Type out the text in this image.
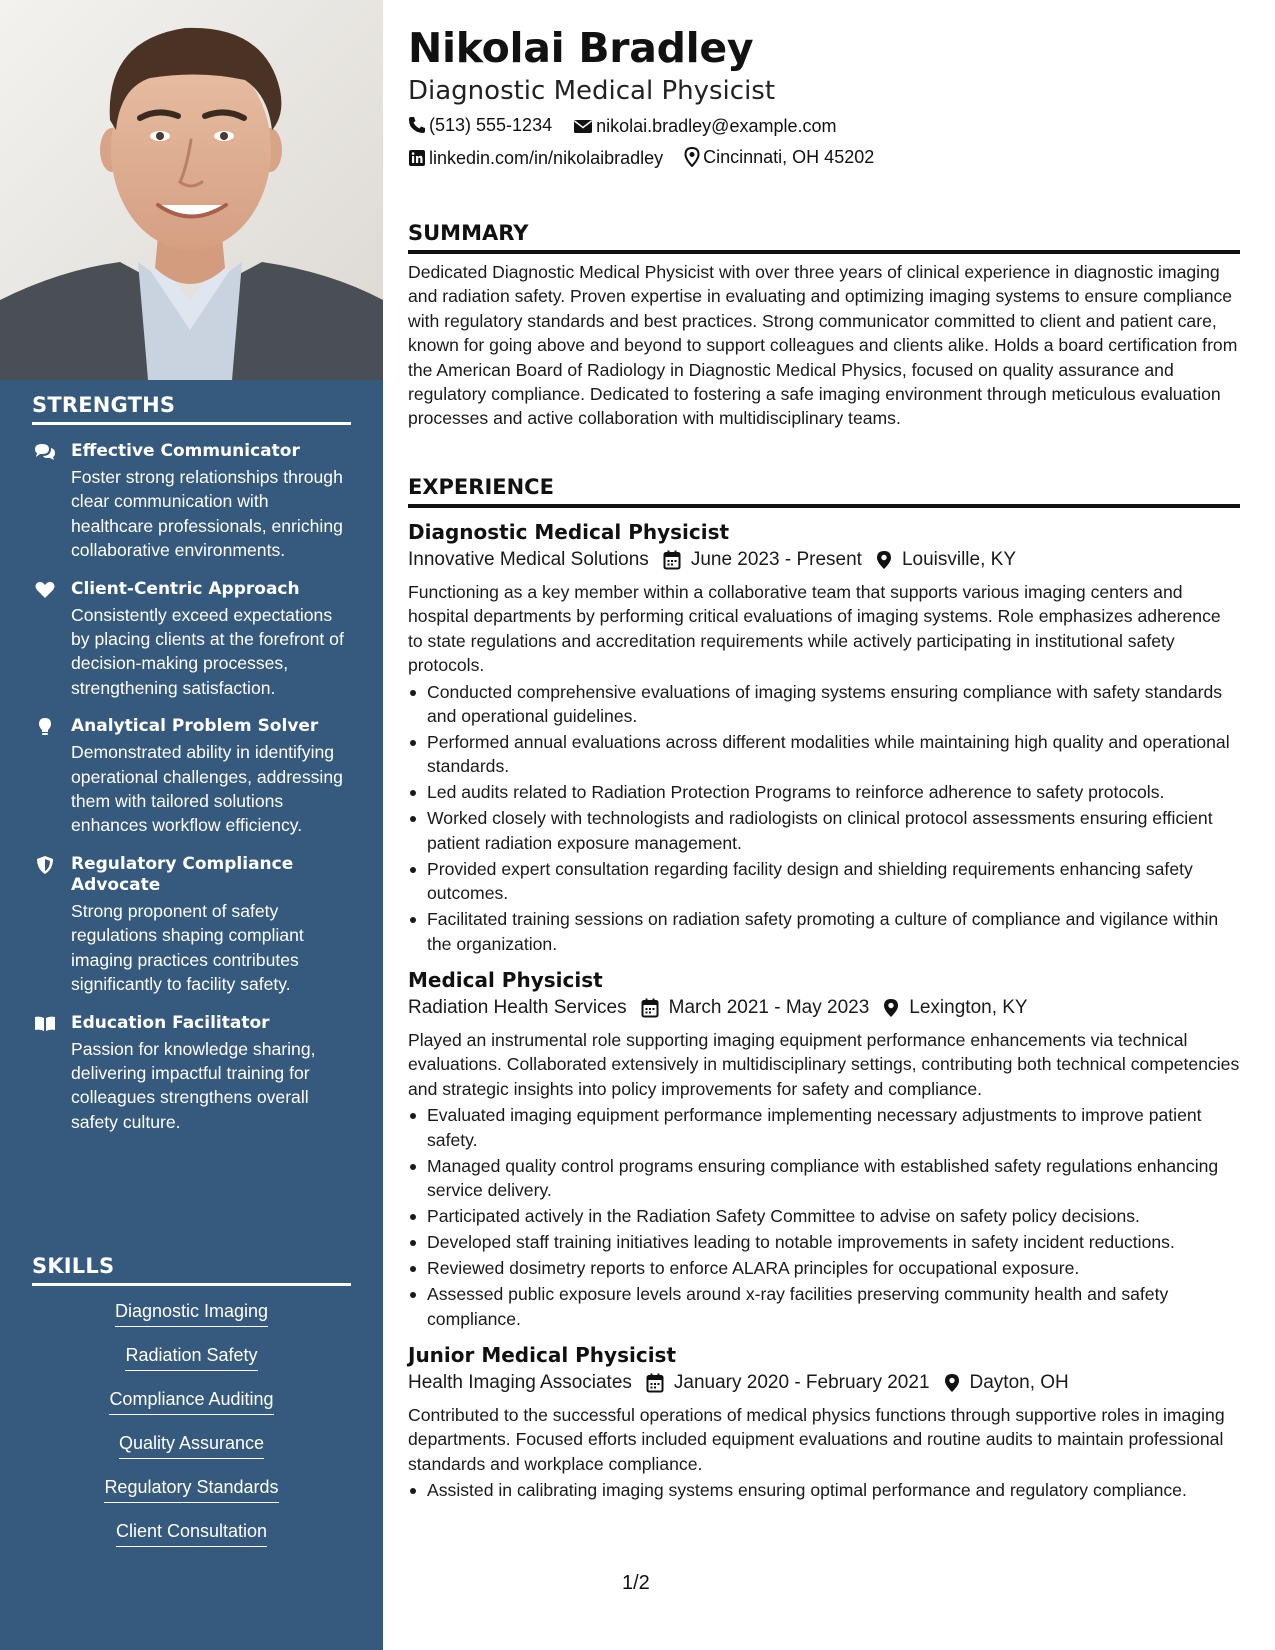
STRENGTHS
Effective Communicator
Foster strong relationships through clear communication with healthcare professionals, enriching collaborative environments.
Client-Centric Approach
Consistently exceed expectations by placing clients at the forefront of decision-making processes, strengthening satisfaction.
Analytical Problem Solver
Demonstrated ability in identifying operational challenges, addressing them with tailored solutions enhances workflow efficiency.
Regulatory Compliance Advocate
Strong proponent of safety regulations shaping compliant imaging practices contributes significantly to facility safety.
Education Facilitator
Passion for knowledge sharing, delivering impactful training for colleagues strengthens overall safety culture.
SKILLS
Diagnostic Imaging
Radiation Safety
Compliance Auditing
Quality Assurance
Regulatory Standards
Client Consultation
Nikolai Bradley
Diagnostic Medical Physicist
(513) 555-1234
nikolai.bradley@example.com
linkedin.com/in/nikolaibradley
Cincinnati, OH 45202
SUMMARY
Dedicated Diagnostic Medical Physicist with over three years of clinical experience in diagnostic imaging and radiation safety. Proven expertise in evaluating and optimizing imaging systems to ensure compliance with regulatory standards and best practices. Strong communicator committed to client and patient care, known for going above and beyond to support colleagues and clients alike. Holds a board certification from the American Board of Radiology in Diagnostic Medical Physics, focused on quality assurance and regulatory compliance. Dedicated to fostering a safe imaging environment through meticulous evaluation processes and active collaboration with multidisciplinary teams.
EXPERIENCE
Diagnostic Medical Physicist
Innovative Medical Solutions June 2023 - Present Louisville, KY
Functioning as a key member within a collaborative team that supports various imaging centers and hospital departments by performing critical evaluations of imaging systems. Role emphasizes adherence to state regulations and accreditation requirements while actively participating in institutional safety protocols.
Conducted comprehensive evaluations of imaging systems ensuring compliance with safety standards and operational guidelines.
Performed annual evaluations across different modalities while maintaining high quality and operational standards.
Led audits related to Radiation Protection Programs to reinforce adherence to safety protocols.
Worked closely with technologists and radiologists on clinical protocol assessments ensuring efficient patient radiation exposure management.
Provided expert consultation regarding facility design and shielding requirements enhancing safety outcomes.
Facilitated training sessions on radiation safety promoting a culture of compliance and vigilance within the organization.
Medical Physicist
Radiation Health Services March 2021 - May 2023 Lexington, KY
Played an instrumental role supporting imaging equipment performance enhancements via technical evaluations. Collaborated extensively in multidisciplinary settings, contributing both technical competencies and strategic insights into policy improvements for safety and compliance.
Evaluated imaging equipment performance implementing necessary adjustments to improve patient safety.
Managed quality control programs ensuring compliance with established safety regulations enhancing service delivery.
Participated actively in the Radiation Safety Committee to advise on safety policy decisions.
Developed staff training initiatives leading to notable improvements in safety incident reductions.
Reviewed dosimetry reports to enforce ALARA principles for occupational exposure.
Assessed public exposure levels around x-ray facilities preserving community health and safety compliance.
Junior Medical Physicist
Health Imaging Associates January 2020 - February 2021 Dayton, OH
Contributed to the successful operations of medical physics functions through supportive roles in imaging departments. Focused efforts included equipment evaluations and routine audits to maintain professional standards and workplace compliance.
Assisted in calibrating imaging systems ensuring optimal performance and regulatory compliance.
1/2
